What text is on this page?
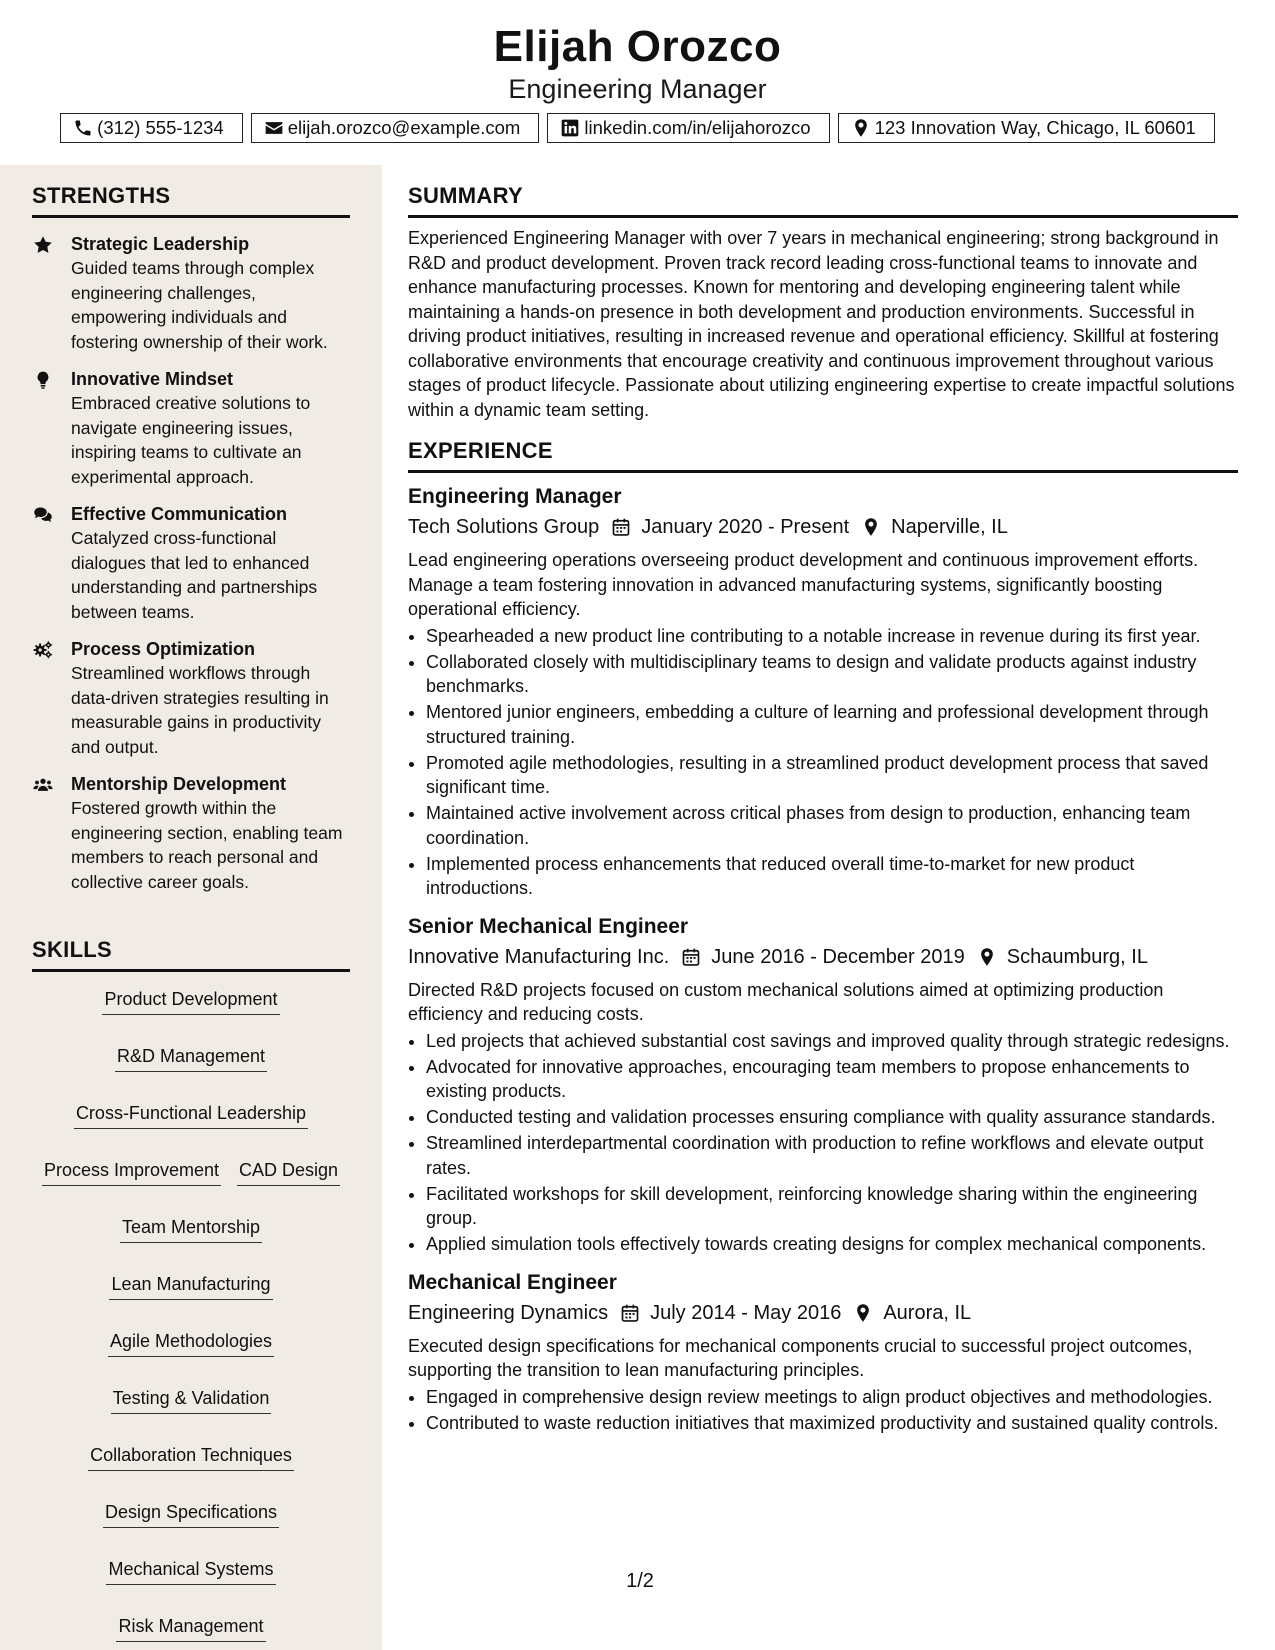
Elijah Orozco
Engineering Manager
(312) 555-1234	elijah.orozco@example.com	linkedin.com/in/elijahorozco	123 Innovation Way, Chicago, IL 60601
STRENGTHS
Strategic Leadership
Guided teams through complex engineering challenges, empowering individuals and fostering ownership of their work.
Innovative Mindset
Embraced creative solutions to navigate engineering issues, inspiring teams to cultivate an experimental approach.
Effective Communication
Catalyzed cross-functional dialogues that led to enhanced understanding and partnerships between teams.
Process Optimization
Streamlined workflows through data-driven strategies resulting in measurable gains in productivity and output.
Mentorship Development
Fostered growth within the engineering section, enabling team members to reach personal and collective career goals.
SKILLS
Product Development
R&D Management
Cross-Functional Leadership
Process Improvement CAD Design
Team Mentorship
Lean Manufacturing
Agile Methodologies
Testing & Validation
Collaboration Techniques
Design Specifications
Mechanical Systems
Risk Management
SUMMARY
Experienced Engineering Manager with over 7 years in mechanical engineering; strong background in R&D and product development. Proven track record leading cross-functional teams to innovate and enhance manufacturing processes. Known for mentoring and developing engineering talent while maintaining a hands-on presence in both development and production environments. Successful in driving product initiatives, resulting in increased revenue and operational efficiency. Skillful at fostering collaborative environments that encourage creativity and continuous improvement throughout various stages of product lifecycle. Passionate about utilizing engineering expertise to create impactful solutions within a dynamic team setting.
EXPERIENCE
Engineering Manager
Tech Solutions Group January 2020 - Present Naperville, IL
Lead engineering operations overseeing product development and continuous improvement efforts. Manage a team fostering innovation in advanced manufacturing systems, significantly boosting operational efficiency.
• Spearheaded a new product line contributing to a notable increase in revenue during its first year.
• Collaborated closely with multidisciplinary teams to design and validate products against industry benchmarks.
• Mentored junior engineers, embedding a culture of learning and professional development through structured training.
• Promoted agile methodologies, resulting in a streamlined product development process that saved significant time.
• Maintained active involvement across critical phases from design to production, enhancing team coordination.
• Implemented process enhancements that reduced overall time-to-market for new product introductions.
Senior Mechanical Engineer
Innovative Manufacturing Inc. June 2016 - December 2019 Schaumburg, IL
Directed R&D projects focused on custom mechanical solutions aimed at optimizing production efficiency and reducing costs.
• Led projects that achieved substantial cost savings and improved quality through strategic redesigns.
• Advocated for innovative approaches, encouraging team members to propose enhancements to existing products.
• Conducted testing and validation processes ensuring compliance with quality assurance standards.
• Streamlined interdepartmental coordination with production to refine workflows and elevate output rates.
• Facilitated workshops for skill development, reinforcing knowledge sharing within the engineering group.
• Applied simulation tools effectively towards creating designs for complex mechanical components.
Mechanical Engineer
Engineering Dynamics July 2014 - May 2016 Aurora, IL
Executed design specifications for mechanical components crucial to successful project outcomes, supporting the transition to lean manufacturing principles.
• Engaged in comprehensive design review meetings to align product objectives and methodologies.
• Contributed to waste reduction initiatives that maximized productivity and sustained quality controls.
1/2
